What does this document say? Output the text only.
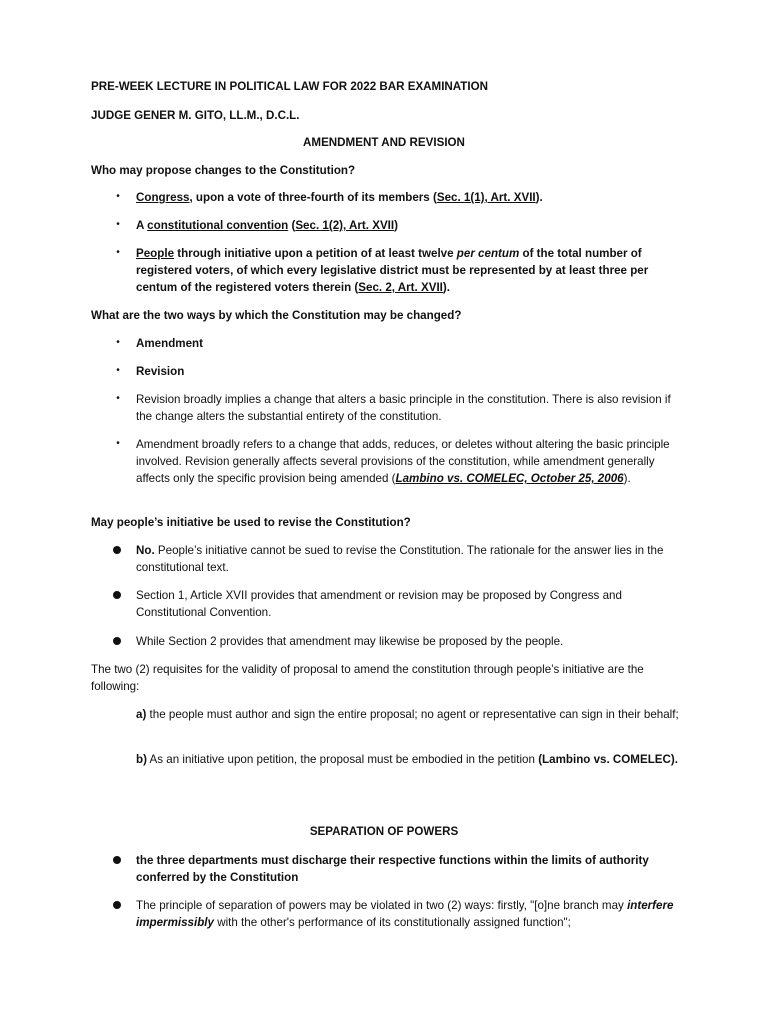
PRE-WEEK LECTURE IN POLITICAL LAW FOR 2022 BAR EXAMINATION

JUDGE GENER M. GITO, LL.M., D.C.L.

AMENDMENT AND REVISION

Who may propose changes to the Constitution?

• Congress, upon a vote of three-fourth of its members (Sec. 1(1), Art. XVII).

• A constitutional convention (Sec. 1(2), Art. XVII)

• People through initiative upon a petition of at least twelve per centum of the total number of registered voters, of which every legislative district must be represented by at least three per centum of the registered voters therein (Sec. 2, Art. XVII).

What are the two ways by which the Constitution may be changed?

• Amendment

• Revision

• Revision broadly implies a change that alters a basic principle in the constitution. There is also revision if the change alters the substantial entirety of the constitution.

• Amendment broadly refers to a change that adds, reduces, or deletes without altering the basic principle involved. Revision generally affects several provisions of the constitution, while amendment generally affects only the specific provision being amended (Lambino vs. COMELEC, October 25, 2006).

May people’s initiative be used to revise the Constitution?

No. People’s initiative cannot be sued to revise the Constitution. The rationale for the answer lies in the constitutional text.

Section 1, Article XVII provides that amendment or revision may be proposed by Congress and Constitutional Convention.

While Section 2 provides that amendment may likewise be proposed by the people.

The two (2) requisites for the validity of proposal to amend the constitution through people’s initiative are the following:

a) the people must author and sign the entire proposal; no agent or representative can sign in their behalf;

b) As an initiative upon petition, the proposal must be embodied in the petition (Lambino vs. COMELEC).

SEPARATION OF POWERS

the three departments must discharge their respective functions within the limits of authority conferred by the Constitution

The principle of separation of powers may be violated in two (2) ways: firstly, "[o]ne branch may interfere impermissibly with the other's performance of its constitutionally assigned function";
